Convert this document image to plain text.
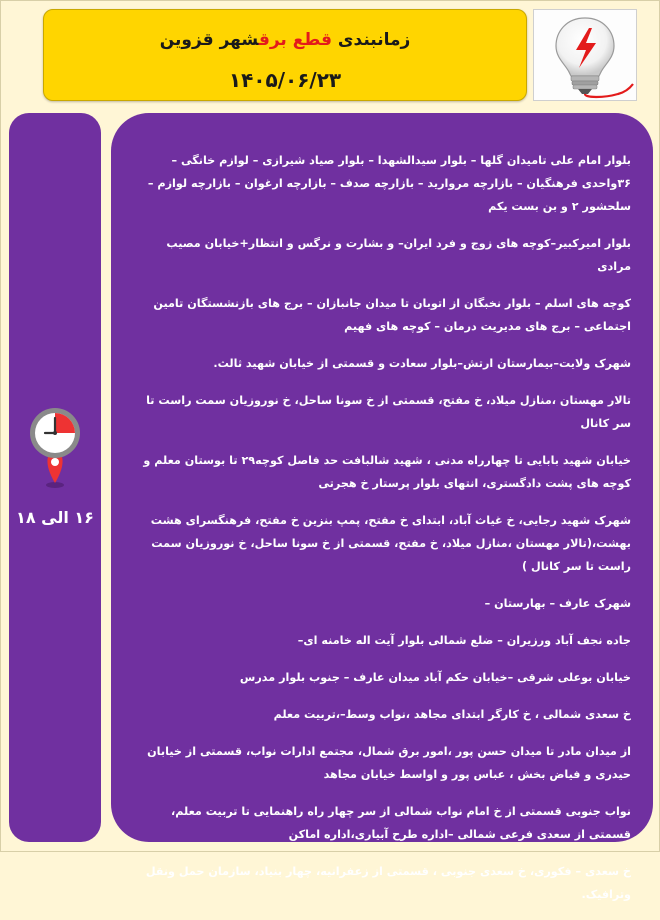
زمانبندی قطع برقشهر قزوین
۱۴۰۵/۰۶/۲۳
۱۶ الی ۱۸

بلوار امام علی تامیدان گلها – بلوار سیدالشهدا – بلوار صیاد شیرازی – لوازم خانگی – ۳۶واحدی فرهنگیان – بازارچه مروارید – بازارچه صدف – بازارچه ارغوان – بازارچه لوازم – سلحشور ۲ و بن بست یکم

بلوار امیرکبیر–کوچه های زوج و فرد ایران– و بشارت و نرگس و انتظار+خیابان مصیب مرادی

کوچه های اسلم – بلوار نخبگان از اتوبان تا میدان جانبازان – برج های بازنشستگان تامین اجتماعی – برج های مدیریت درمان – کوچه های فهیم

شهرک ولایت–بیمارستان ارتش–بلوار سعادت و قسمتی از خیابان شهید ثالث.

تالار مهستان ،منازل میلاد، خ مفتح، قسمتی از خ سونا ساحل، خ نوروزیان سمت راست تا سر کانال

خیابان شهید بابایی تا چهارراه مدنی ، شهید شالبافت حد فاصل کوچه۲۹ تا بوستان معلم و کوچه های پشت دادگستری، انتهای بلوار پرستار خ هجرتی

شهرک شهید رجایی، خ غیاث آباد، ابتدای خ مفتح، پمپ بنزین خ مفتح، فرهنگسرای هشت بهشت،(تالار مهستان ،منازل میلاد، خ مفتح، قسمتی از خ سونا ساحل، خ نوروزیان سمت راست تا سر کانال )

شهرک عارف – بهارستان –

جاده نجف آباد ورزیران – ضلع شمالی بلوار آیت اله خامنه ای–

خیابان بوعلی شرقی –خیابان حکم آباد میدان عارف – جنوب بلوار مدرس

خ سعدی شمالی ، خ کارگر ابتدای مجاهد ،نواب وسط–،تربیت معلم

از میدان مادر تا میدان حسن پور ،امور برق شمال، مجتمع ادارات نواب، قسمتی از خیابان حیدری و فیاض بخش ، عباس پور و اواسط خیابان مجاهد

نواب جنوبی قسمتی از خ امام نواب شمالی از سر چهار راه راهنمایی تا تربیت معلم، قسمتی از سعدی فرعی شمالی –اداره طرح آبیاری،اداره اماکن

خ سعدی – فکوری، خ سعدی جنوبی ، قسمتی از زعفرانیه، چهار بنیاد، سازمان حمل ونقل وترافیک.
